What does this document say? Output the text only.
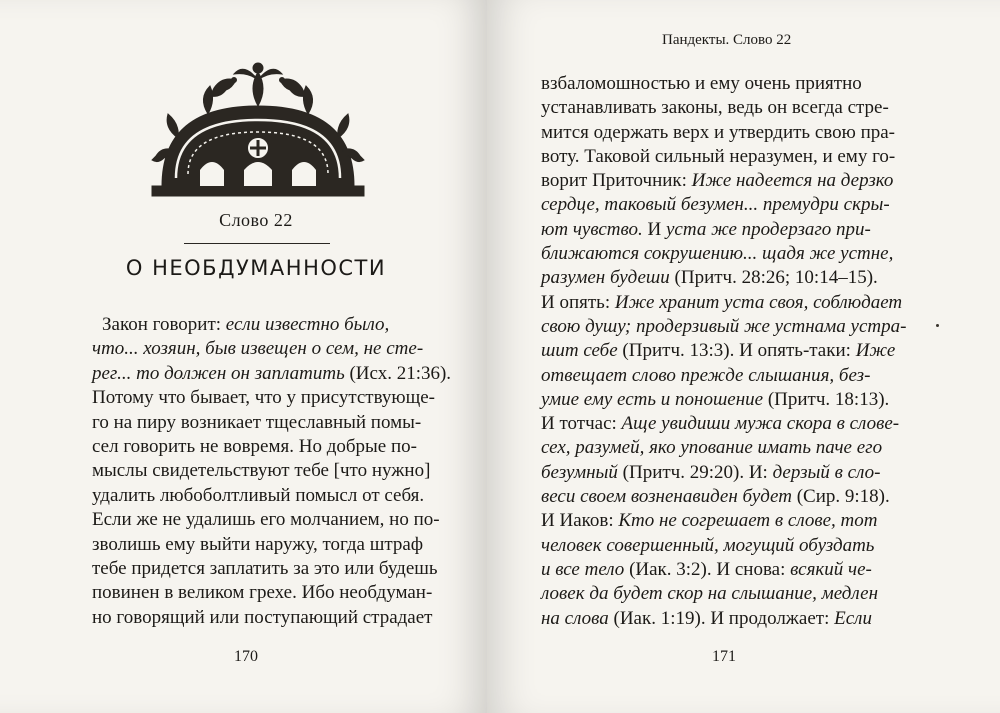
Слово 22
О НЕОБДУМАННОСТИ
Закон говорит: если известно было,
что... хозяин, быв извещен о сем, не сте-
рег... то должен он заплатить (Исх. 21:36).
Потому что бывает, что у присутствующе-
го на пиру возникает тщеславный помы-
сел говорить не вовремя. Но добрые по-
мыслы свидетельствуют тебе [что нужно]
удалить любоболтливый помысл от себя.
Если же не удалишь его молчанием, но по-
зволишь ему выйти наружу, тогда штраф
тебе придется заплатить за это или будешь
повинен в великом грехе. Ибо необдуман-
но говорящий или поступающий страдает
170
Пандекты. Слово 22
взбаломошностью и ему очень приятно
устанавливать законы, ведь он всегда стре-
мится одержать верх и утвердить свою пра-
воту. Таковой сильный неразумен, и ему го-
ворит Приточник: Иже надеется на дерзко
сердце, таковый безумен... премудри скры-
ют чувство. И уста же продерзаго при-
ближаются сокрушению... щадя же устне,
разумен будеши (Притч. 28:26; 10:14–15).
И опять: Иже хранит уста своя, соблюдает
свою душу; продерзивый же устнама устра-
шит себе (Притч. 13:3). И опять-таки: Иже
отвещает слово прежде слышания, без-
умие ему есть и поношение (Притч. 18:13).
И тотчас: Аще увидиши мужа скора в слове-
сех, разумей, яко упование имать паче его
безумный (Притч. 29:20). И: дерзый в сло-
веси своем возненавиден будет (Сир. 9:18).
И Иаков: Кто не согрешает в слове, тот
человек совершенный, могущий обуздать
и все тело (Иак. 3:2). И снова: всякий че-
ловек да будет скор на слышание, медлен
на слова (Иак. 1:19). И продолжает: Если
171
